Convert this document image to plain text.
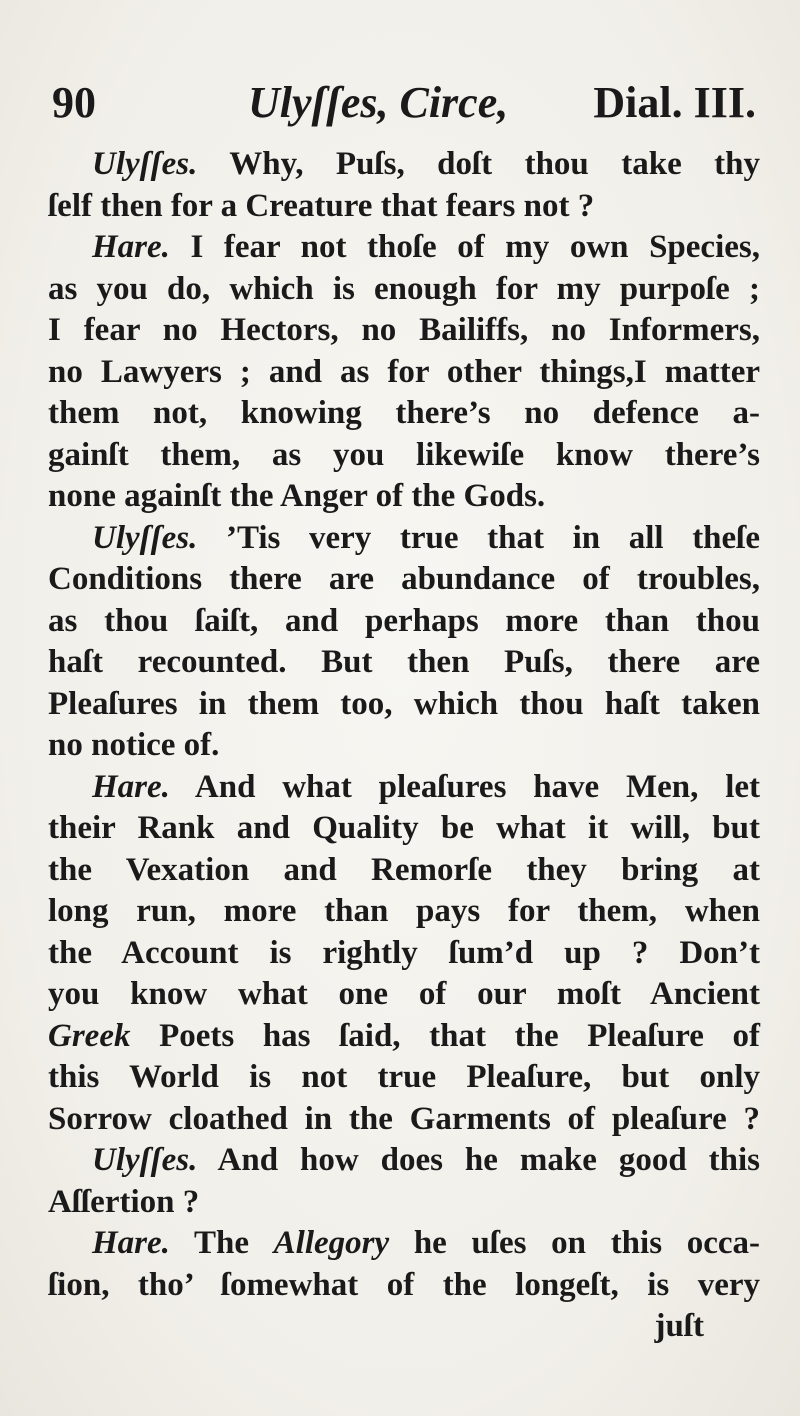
90	Ulyſſes, Circe, Dial. III.
Ulyſſes. Why, Puſs, doſt thou take thy
ſelf then for a Creature that fears not ?
Hare. I fear not thoſe of my own Species,
as you do, which is enough for my purpoſe ;
I fear no Hectors, no Bailiffs, no Informers,
no Lawyers ; and as for other things,I matter
them not, knowing there’s no defence a-
gainſt them, as you likewiſe know there’s
none againſt the Anger of the Gods.
Ulyſſes. ’Tis very true that in all theſe
Conditions there are abundance of troubles,
as thou ſaiſt, and perhaps more than thou
haſt recounted. But then Puſs, there are
Pleaſures in them too, which thou haſt taken
no notice of.
Hare. And what pleaſures have Men, let
their Rank and Quality be what it will, but
the Vexation and Remorſe they bring at
long run, more than pays for them, when
the Account is rightly ſum’d up ? Don’t
you know what one of our moſt Ancient
Greek Poets has ſaid, that the Pleaſure of
this World is not true Pleaſure, but only
Sorrow cloathed in the Garments of pleaſure ?
Ulyſſes. And how does he make good this
Aſſertion ?
Hare. The Allegory he uſes on this occa-
ſion, tho’ ſomewhat of the longeſt, is very
juſt
